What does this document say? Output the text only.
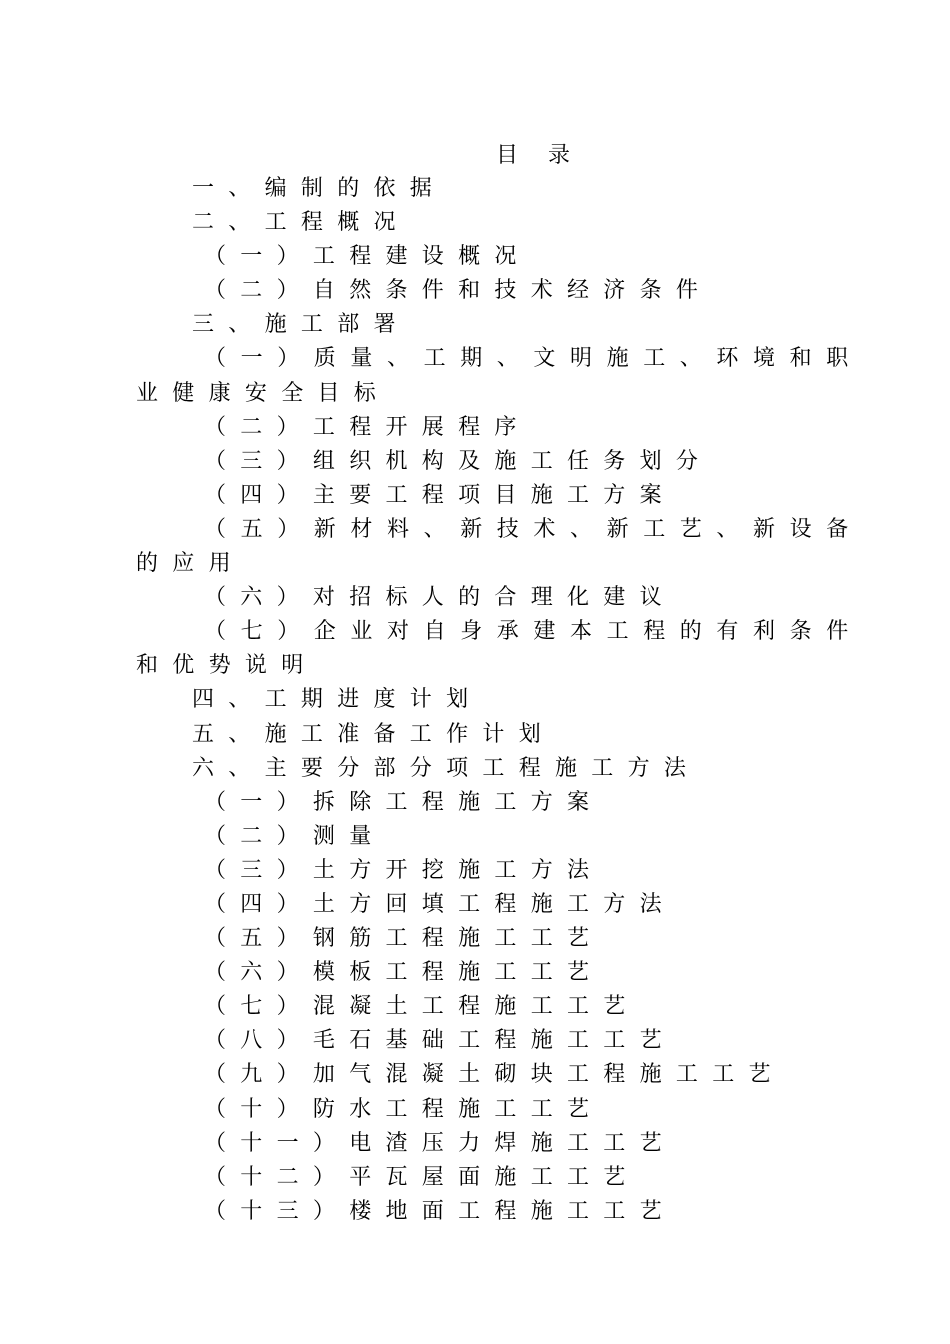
目录
一、编制的依据
二、工程概况
（一）工程建设概况
（二）自然条件和技术经济条件
三、施工部署
（一）质量、工期、文明施工、环境和职
业健康安全目标
（二）工程开展程序
（三）组织机构及施工任务划分
（四）主要工程项目施工方案
（五）新材料、新技术、新工艺、新设备
的应用
（六）对招标人的合理化建议
（七）企业对自身承建本工程的有利条件
和优势说明
四、工期进度计划
五、施工准备工作计划
六、主要分部分项工程施工方法
（一）拆除工程施工方案
（二）测量
（三）土方开挖施工方法
（四）土方回填工程施工方法
（五）钢筋工程施工工艺
（六）模板工程施工工艺
（七）混凝土工程施工工艺
（八）毛石基础工程施工工艺
（九）加气混凝土砌块工程施工工艺
（十）防水工程施工工艺
（十一）电渣压力焊施工工艺
（十二）平瓦屋面施工工艺
（十三）楼地面工程施工工艺
